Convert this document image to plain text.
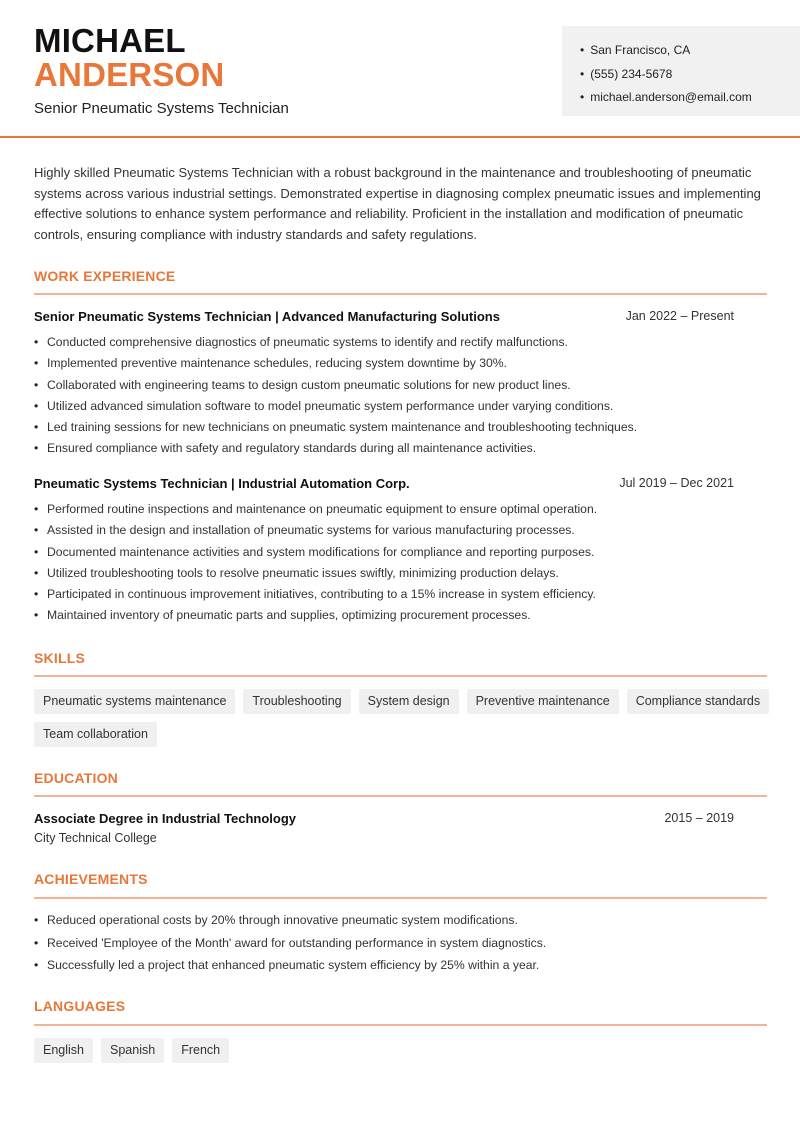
MICHAEL
ANDERSON
Senior Pneumatic Systems Technician
• San Francisco, CA
• (555) 234-5678
• michael.anderson@email.com
Highly skilled Pneumatic Systems Technician with a robust background in the maintenance and troubleshooting of pneumatic systems across various industrial settings. Demonstrated expertise in diagnosing complex pneumatic issues and implementing effective solutions to enhance system performance and reliability. Proficient in the installation and modification of pneumatic controls, ensuring compliance with industry standards and safety regulations.
WORK EXPERIENCE
Senior Pneumatic Systems Technician | Advanced Manufacturing Solutions	Jan 2022 – Present
• Conducted comprehensive diagnostics of pneumatic systems to identify and rectify malfunctions.
• Implemented preventive maintenance schedules, reducing system downtime by 30%.
• Collaborated with engineering teams to design custom pneumatic solutions for new product lines.
• Utilized advanced simulation software to model pneumatic system performance under varying conditions.
• Led training sessions for new technicians on pneumatic system maintenance and troubleshooting techniques.
• Ensured compliance with safety and regulatory standards during all maintenance activities.
Pneumatic Systems Technician | Industrial Automation Corp.	Jul 2019 – Dec 2021
• Performed routine inspections and maintenance on pneumatic equipment to ensure optimal operation.
• Assisted in the design and installation of pneumatic systems for various manufacturing processes.
• Documented maintenance activities and system modifications for compliance and reporting purposes.
• Utilized troubleshooting tools to resolve pneumatic issues swiftly, minimizing production delays.
• Participated in continuous improvement initiatives, contributing to a 15% increase in system efficiency.
• Maintained inventory of pneumatic parts and supplies, optimizing procurement processes.
SKILLS
Pneumatic systems maintenance	Troubleshooting	System design	Preventive maintenance	Compliance standards
Team collaboration
EDUCATION
Associate Degree in Industrial Technology	2015 – 2019
City Technical College
ACHIEVEMENTS
• Reduced operational costs by 20% through innovative pneumatic system modifications.
• Received 'Employee of the Month' award for outstanding performance in system diagnostics.
• Successfully led a project that enhanced pneumatic system efficiency by 25% within a year.
LANGUAGES
English	Spanish	French
